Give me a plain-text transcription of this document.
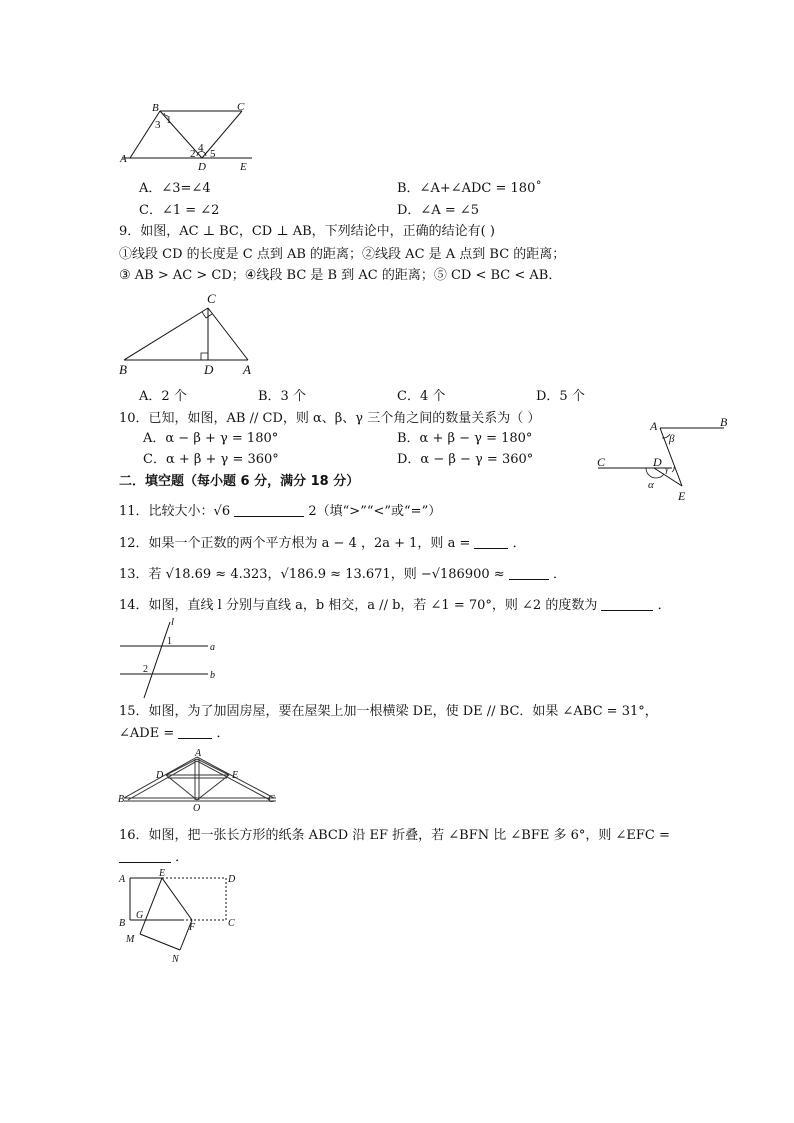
B	C
A
D	E
1
3
2 4 5
A．∠3=∠4	B．∠A+∠ADC = 180˚
C．∠1 = ∠2	D．∠A = ∠5
9．如图，AC ⊥ BC，CD ⊥ AB，下列结论中，正确的结论有( )
①线段 CD 的长度是 C 点到 AB 的距离；②线段 AC 是 A 点到 BC 的距离；
③ AB > AC > CD；④线段 BC 是 B 到 AC 的距离；⑤ CD < BC < AB．
C
B	D A
A．2 个	B．3 个	C．4 个	D．5 个
10．已知，如图，AB // CD，则 α、β、γ 三个角之间的数量关系为（ ）
A．α − β + γ = 180°	B．α + β − γ = 180°
C．α + β + γ = 360°	D．α − β − γ = 360°
A	B
C	D
E
α
β
γ
二．填空题（每小题 6 分，满分 18 分）
11．比较大小：√6	2（填“>”“<”或“=”）
12．如果一个正数的两个平方根为 a − 4 ，2a + 1，则 a =	．
13．若 √18.69 ≈ 4.323，√186.9 ≈ 13.671，则 −√186900 ≈	．
14．如图，直线 l 分别与直线 a，b 相交，a // b，若 ∠1 = 70°，则 ∠2 的度数为	．
l
a
b
1
2
15．如图，为了加固房屋，要在屋架上加一根横梁 DE，使 DE // BC．如果 ∠ABC = 31°，
∠ADE =	．
A
D	E
B	C
O
16．如图，把一张长方形的纸条 ABCD 沿 EF 折叠，若 ∠BFN 比 ∠BFE 多 6°，则 ∠EFC =
．
A
E
D
B
G
F	C
M
N
